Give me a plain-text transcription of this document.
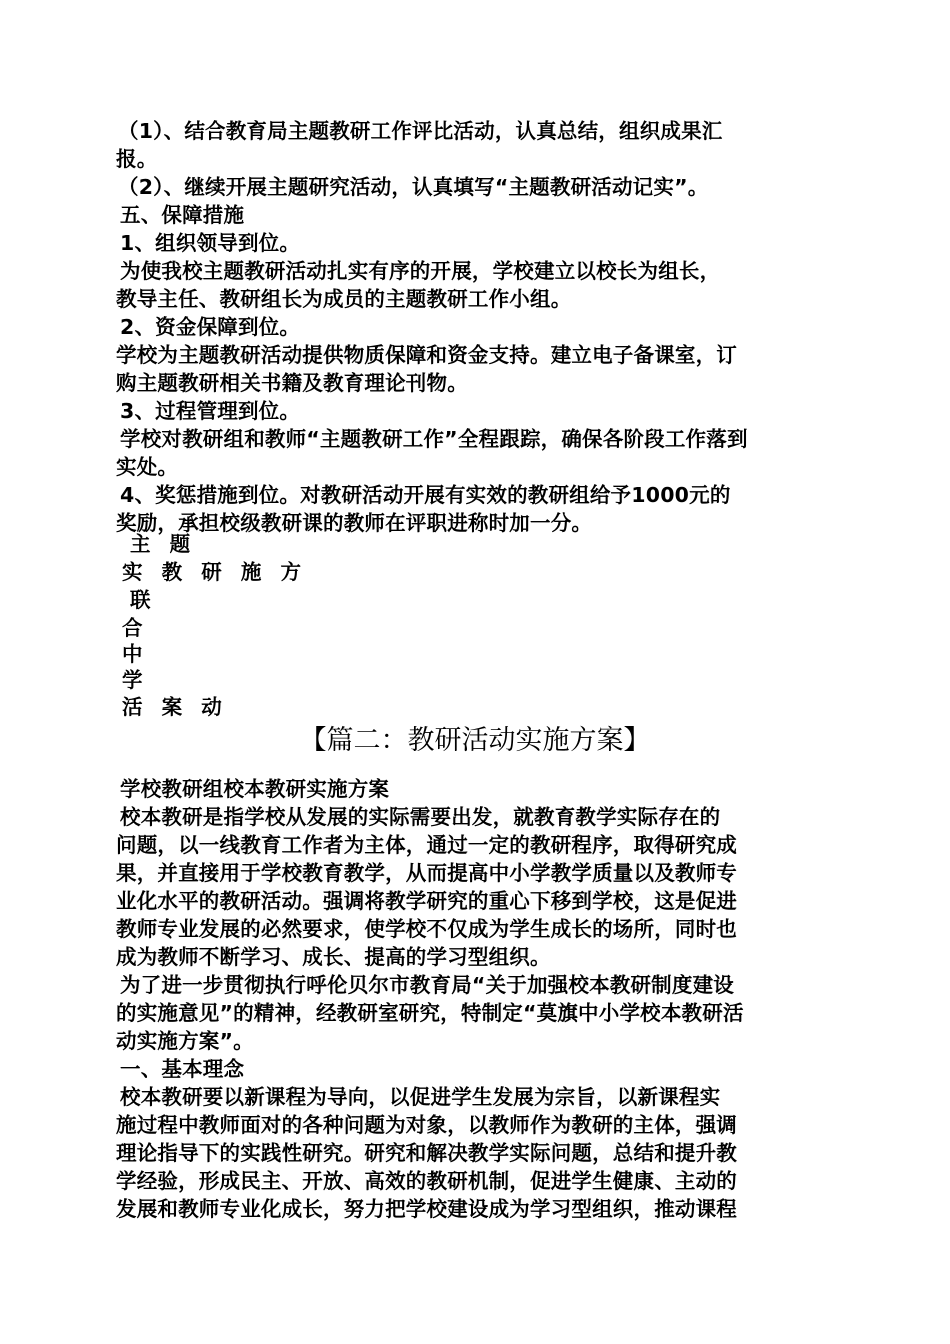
（1）、结合教育局主题教研工作评比活动，认真总结，组织成果汇
报。
（2）、继续开展主题研究活动，认真填写“主题教研活动记实”。
五、保障措施
1、组织领导到位。
为使我校主题教研活动扎实有序的开展，学校建立以校长为组长，
教导主任、教研组长为成员的主题教研工作小组。
2、资金保障到位。
学校为主题教研活动提供物质保障和资金支持。建立电子备课室，订
购主题教研相关书籍及教育理论刊物。
3、过程管理到位。
学校对教研组和教师“主题教研工作”全程跟踪，确保各阶段工作落到
实处。
4、奖惩措施到位。对教研活动开展有实效的教研组给予1000元的
奖励，承担校级教研课的教师在评职进称时加一分。
主 题
实 教 研 施 方
联
合
中
学
活 案 动
【篇二：教研活动实施方案】
学校教研组校本教研实施方案
校本教研是指学校从发展的实际需要出发，就教育教学实际存在的
问题，以一线教育工作者为主体，通过一定的教研程序，取得研究成
果，并直接用于学校教育教学，从而提高中小学教学质量以及教师专
业化水平的教研活动。强调将教学研究的重心下移到学校，这是促进
教师专业发展的必然要求，使学校不仅成为学生成长的场所，同时也
成为教师不断学习、成长、提高的学习型组织。
为了进一步贯彻执行呼伦贝尔市教育局“关于加强校本教研制度建设
的实施意见”的精神，经教研室研究，特制定“莫旗中小学校本教研活
动实施方案”。
一、基本理念
校本教研要以新课程为导向，以促进学生发展为宗旨，以新课程实
施过程中教师面对的各种问题为对象，以教师作为教研的主体，强调
理论指导下的实践性研究。研究和解决教学实际问题，总结和提升教
学经验，形成民主、开放、高效的教研机制，促进学生健康、主动的
发展和教师专业化成长，努力把学校建设成为学习型组织，推动课程
